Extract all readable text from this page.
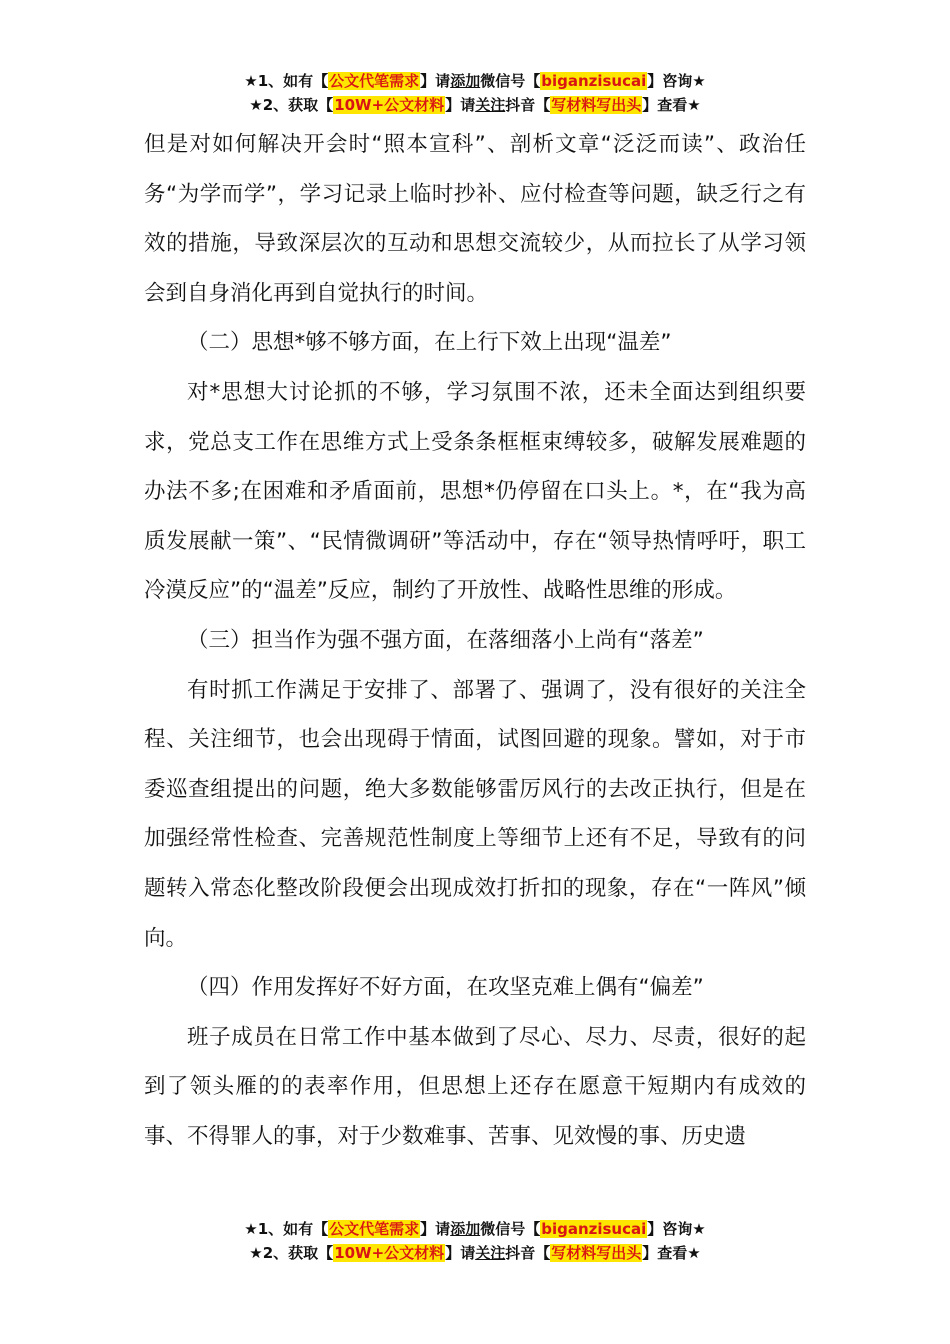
★1、如有【公文代笔需求】请添加微信号【biganzisucai】咨询★
★2、获取【10W+公文材料】请关注抖音【写材料写出头】查看★

但是对如何解决开会时“照本宣科”、剖析文章“泛泛而读”、政治任务“为学而学”，学习记录上临时抄补、应付检查等问题，缺乏行之有效的措施，导致深层次的互动和思想交流较少，从而拉长了从学习领会到自身消化再到自觉执行的时间。

（二）思想*够不够方面，在上行下效上出现“温差”

对*思想大讨论抓的不够，学习氛围不浓，还未全面达到组织要求，党总支工作在思维方式上受条条框框束缚较多，破解发展难题的办法不多;在困难和矛盾面前，思想*仍停留在口头上。*，在“我为高质发展献一策”、“民情微调研”等活动中，存在“领导热情呼吁，职工冷漠反应”的“温差”反应，制约了开放性、战略性思维的形成。

（三）担当作为强不强方面，在落细落小上尚有“落差”

有时抓工作满足于安排了、部署了、强调了，没有很好的关注全程、关注细节，也会出现碍于情面，试图回避的现象。譬如，对于市委巡查组提出的问题，绝大多数能够雷厉风行的去改正执行，但是在加强经常性检查、完善规范性制度上等细节上还有不足，导致有的问题转入常态化整改阶段便会出现成效打折扣的现象，存在“一阵风”倾向。

（四）作用发挥好不好方面，在攻坚克难上偶有“偏差”

班子成员在日常工作中基本做到了尽心、尽力、尽责，很好的起到了领头雁的的表率作用，但思想上还存在愿意干短期内有成效的事、不得罪人的事，对于少数难事、苦事、见效慢的事、历史遗

★1、如有【公文代笔需求】请添加微信号【biganzisucai】咨询★
★2、获取【10W+公文材料】请关注抖音【写材料写出头】查看★
